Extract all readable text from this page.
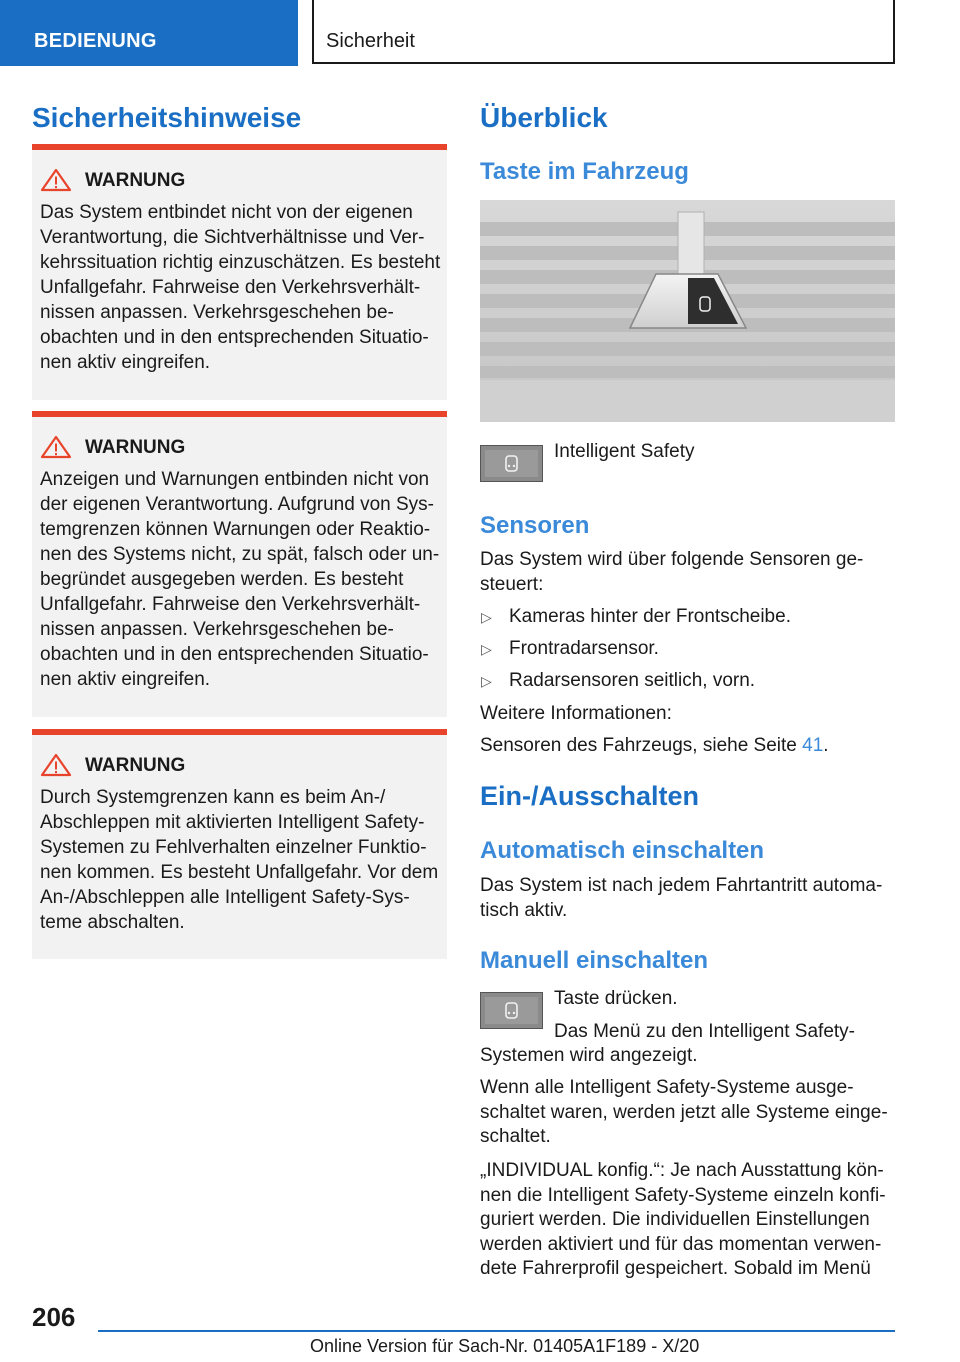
BEDIENUNG	Sicherheit
Sicherheitshinweise
WARNUNG
Das System entbindet nicht von der eigenen
Verantwortung, die Sichtverhältnisse und Ver-
kehrssituation richtig einzuschätzen. Es besteht
Unfallgefahr. Fahrweise den Verkehrsverhält-
nissen anpassen. Verkehrsgeschehen be-
obachten und in den entsprechenden Situatio-
nen aktiv eingreifen.
WARNUNG
Anzeigen und Warnungen entbinden nicht von
der eigenen Verantwortung. Aufgrund von Sys-
temgrenzen können Warnungen oder Reaktio-
nen des Systems nicht, zu spät, falsch oder un-
begründet ausgegeben werden. Es besteht
Unfallgefahr. Fahrweise den Verkehrsverhält-
nissen anpassen. Verkehrsgeschehen be-
obachten und in den entsprechenden Situatio-
nen aktiv eingreifen.
WARNUNG
Durch Systemgrenzen kann es beim An-/
Abschleppen mit aktivierten Intelligent Safety-
Systemen zu Fehlverhalten einzelner Funktio-
nen kommen. Es besteht Unfallgefahr. Vor dem
An-/Abschleppen alle Intelligent Safety-Sys-
teme abschalten.
Überblick
Taste im Fahrzeug
Intelligent Safety
Sensoren
Das System wird über folgende Sensoren ge-
steuert:
▷ Kameras hinter der Frontscheibe.
▷ Frontradarsensor.
▷ Radarsensoren seitlich, vorn.
Weitere Informationen:
Sensoren des Fahrzeugs, siehe Seite 41.
Ein-/Ausschalten
Automatisch einschalten
Das System ist nach jedem Fahrtantritt automa-
tisch aktiv.
Manuell einschalten
Taste drücken.
Das Menü zu den Intelligent Safety-
Systemen wird angezeigt.
Wenn alle Intelligent Safety-Systeme ausge-
schaltet waren, werden jetzt alle Systeme einge-
schaltet.
„INDIVIDUAL konfig.“: Je nach Ausstattung kön-
nen die Intelligent Safety-Systeme einzeln konfi-
guriert werden. Die individuellen Einstellungen
werden aktiviert und für das momentan verwen-
dete Fahrerprofil gespeichert. Sobald im Menü
206
Online Version für Sach-Nr. 01405A1F189 - X/20
